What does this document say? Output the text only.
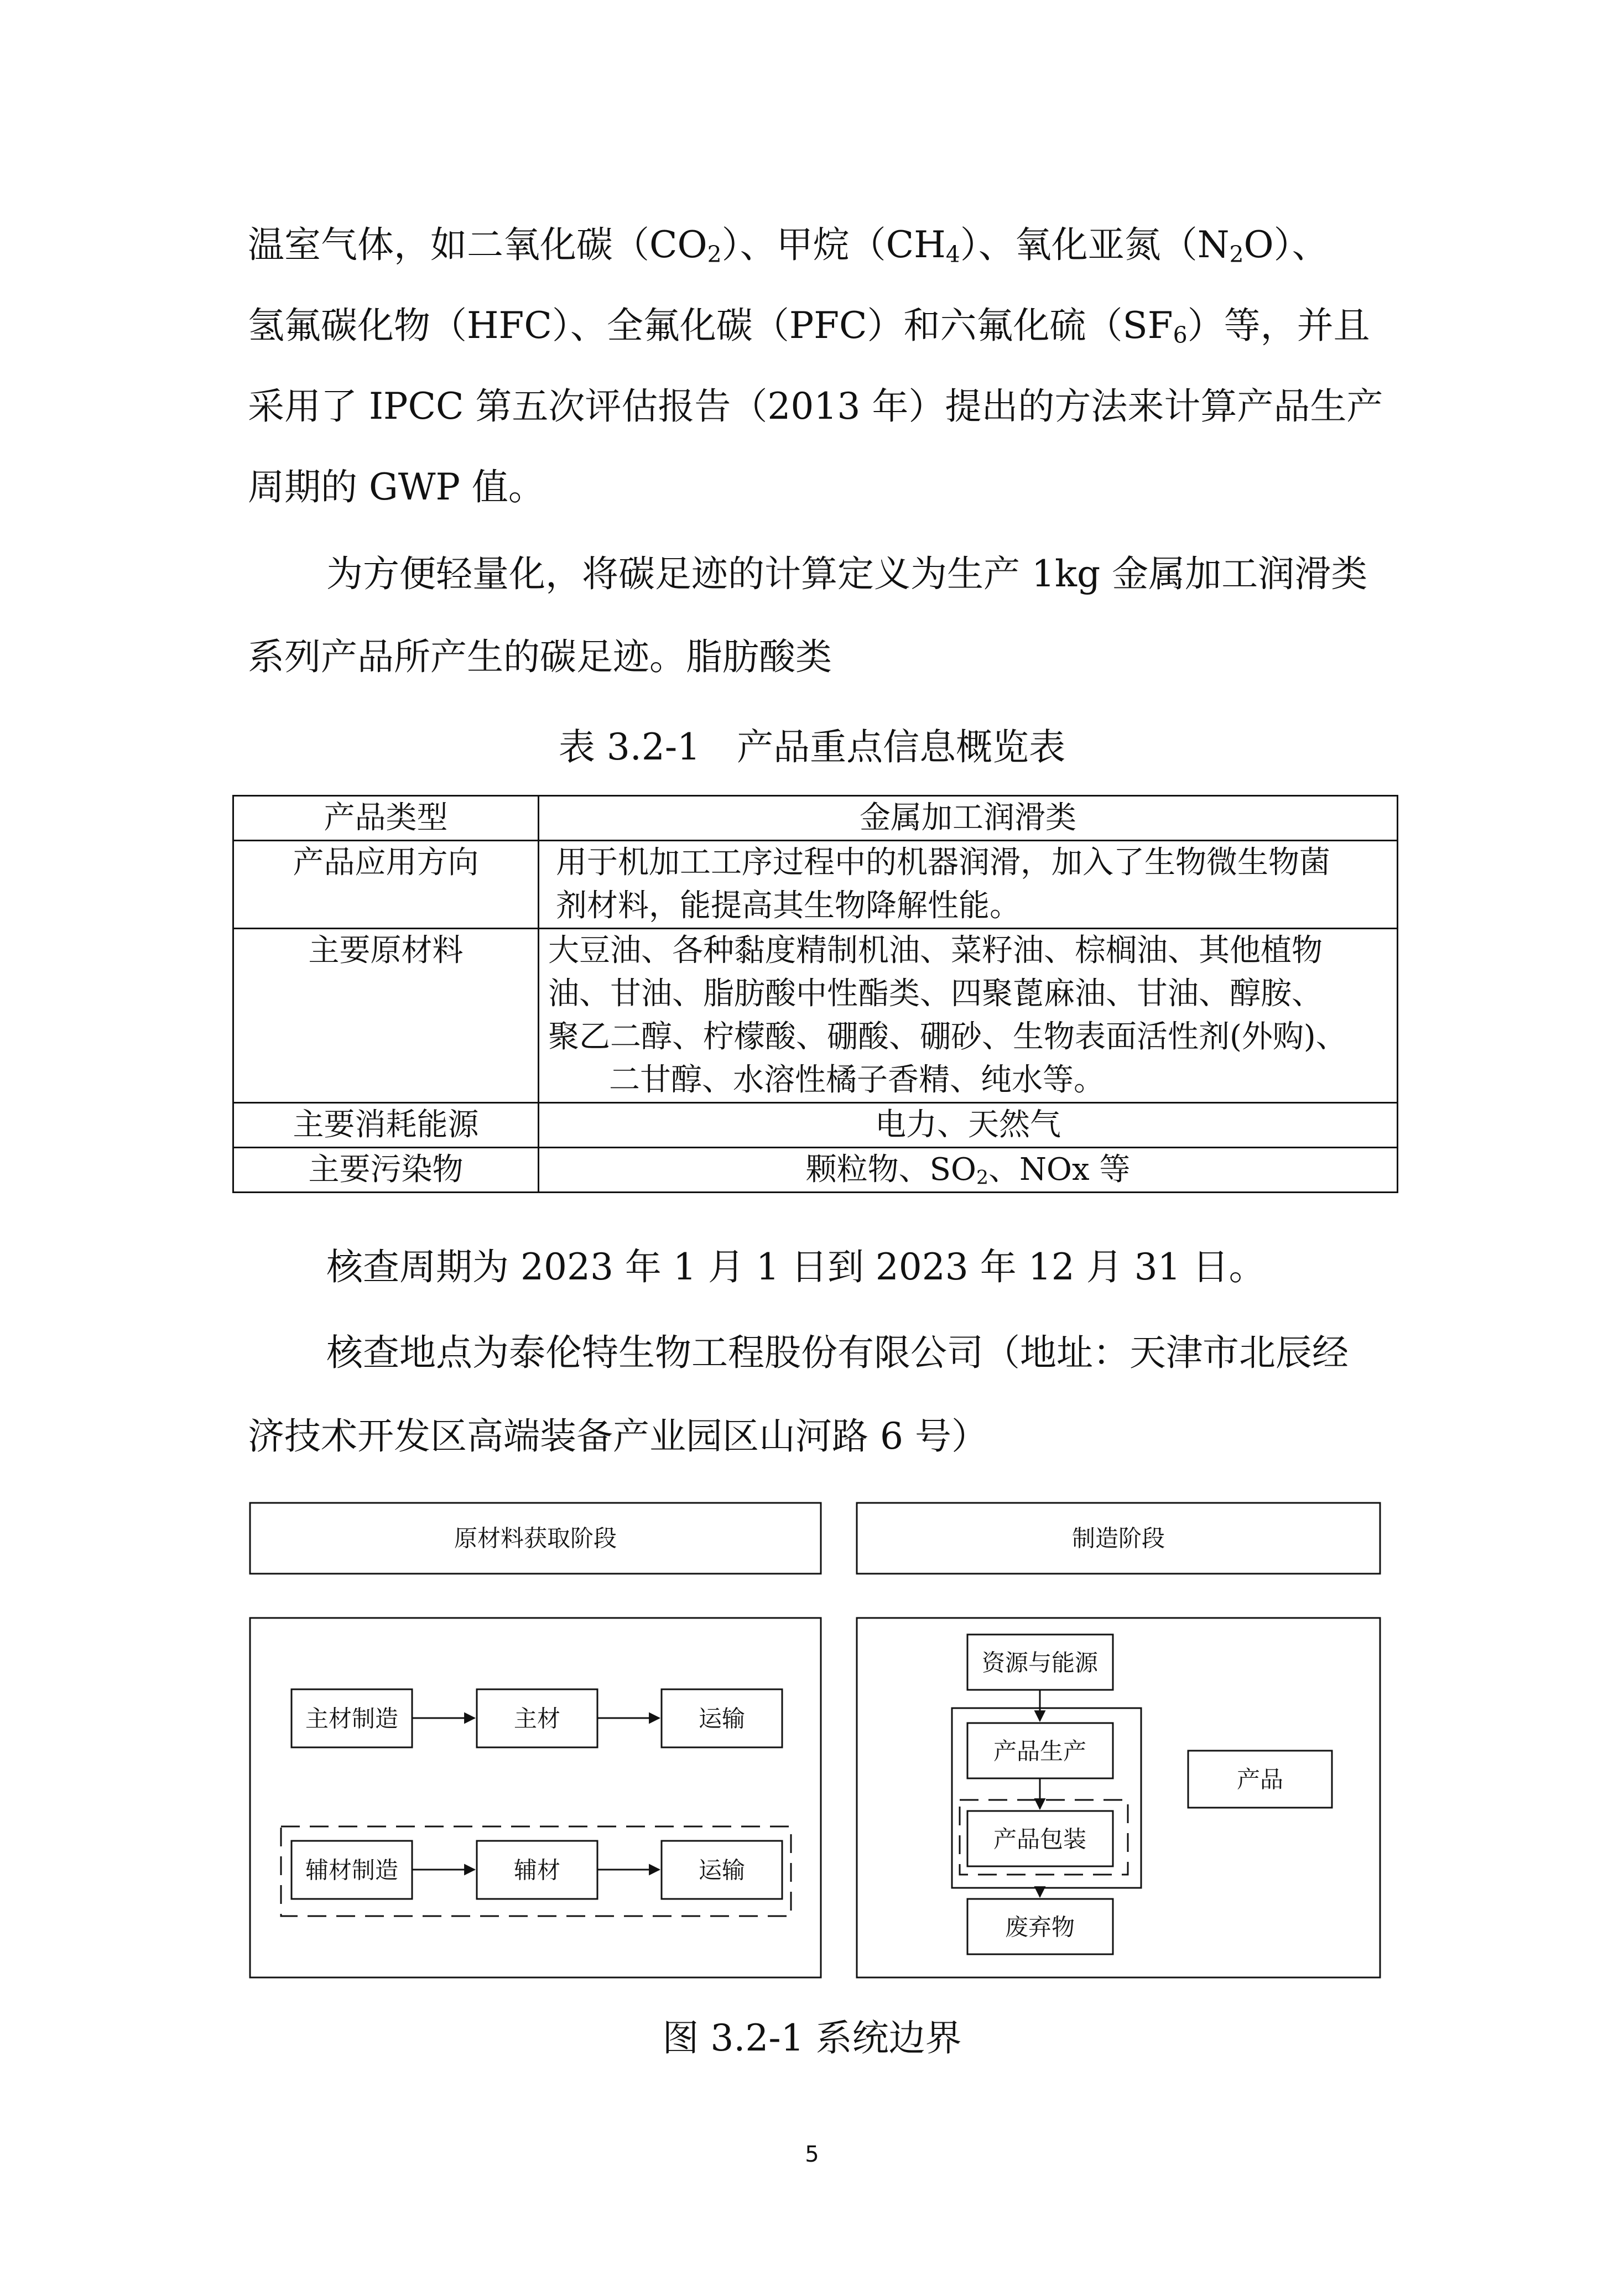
温室气体，如二氧化碳$(CO_2)$、甲烷$(CH_4)$、氧化亚氮$(N_2O)$、
氢氟碳化物（HFC）、全氟化碳（PFC）和六氟化硫$(SF_6)$等，并且
采用了 IPCC 第五次评估报告（2013 年）提出的方法来计算产品生产
周期的 GWP 值。
为方便轻量化，将碳足迹的计算定义为生产 1kg 金属加工润滑类
系列产品所产生的碳足迹。脂肪酸类
表 3.2-1　产品重点信息概览表
产品类型	金属加工润滑类
产品应用方向	用于机加工工序过程中的机器润滑，加入了生物微生物菌
剂材料，能提高其生物降解性能。

主要原材料	大豆油、各种黏度精制机油、菜籽油、棕榈油、其他植物
油、甘油、脂肪酸中性酯类、四聚蓖麻油、甘油、醇胺、
聚乙二醇、柠檬酸、硼酸、硼砂、生物表面活性剂(外购)、
二甘醇、水溶性橘子香精、纯水等。

主要消耗能源	电力、天然气
主要污染物	颗粒物、$SO_2$、NOx 等
核查周期为 2023 年 1 月 1 日到 2023 年 12 月 31 日。
核查地点为泰伦特生物工程股份有限公司（地址：天津市北辰经
济技术开发区高端装备产业园区山河路 6 号）
原材料获取阶段	制造阶段
主材制造	主材	运输
辅材制造	辅材	运输
资源与能源
产品生产
产品包装
废弃物
产品
图 3.2-1 系统边界
5
